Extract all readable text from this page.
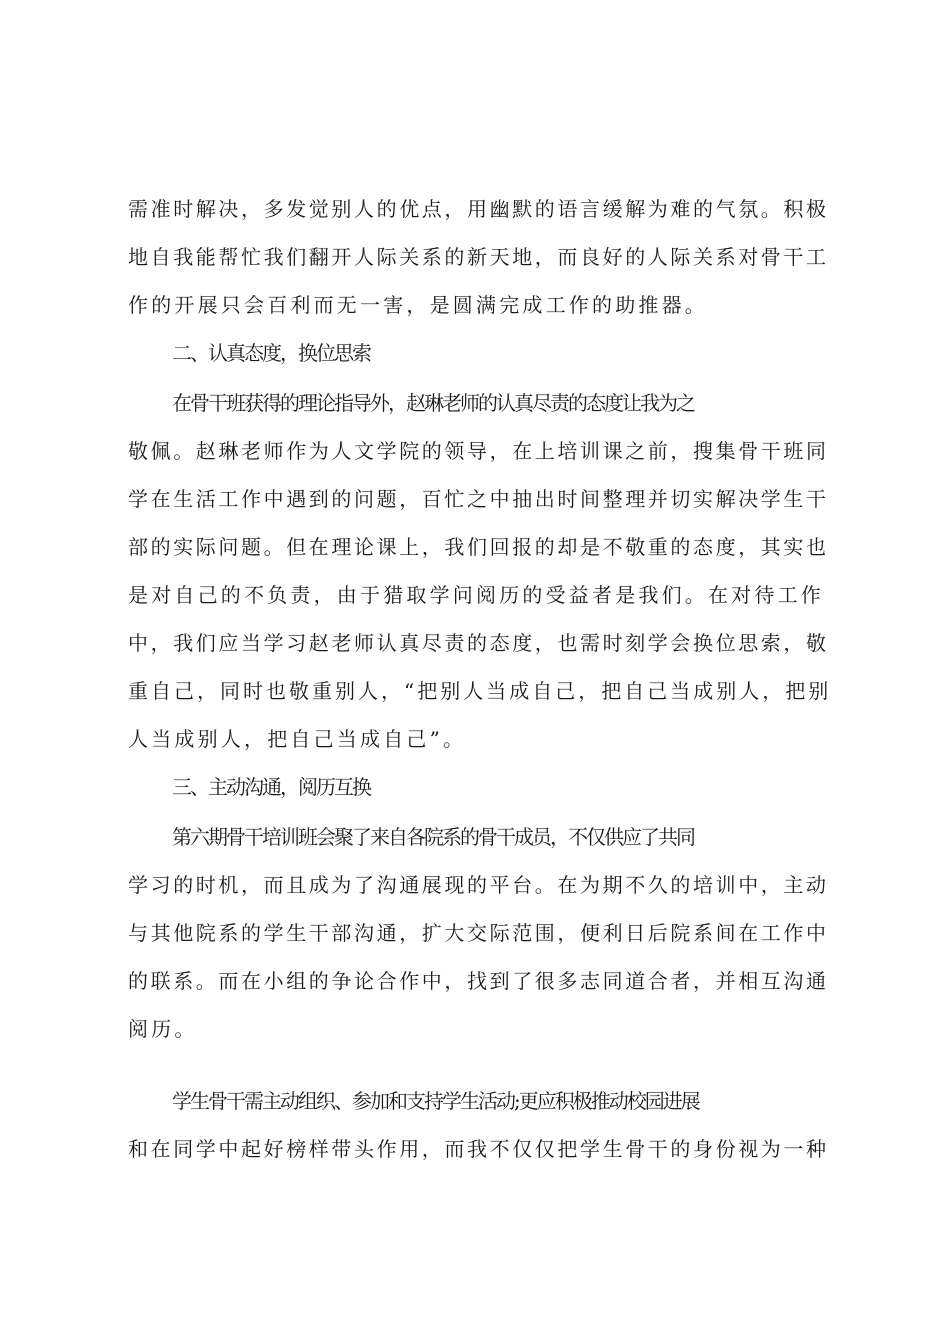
需准时解决，多发觉别人的优点，用幽默的语言缓解为难的气氛。积极

地自我能帮忙我们翻开人际关系的新天地，而良好的人际关系对骨干工

作的开展只会百利而无一害，是圆满完成工作的助推器。

二、认真态度，换位思索

在骨干班获得的理论指导外，赵琳老师的认真尽责的态度让我为之

敬佩。赵琳老师作为人文学院的领导，在上培训课之前，搜集骨干班同

学在生活工作中遇到的问题，百忙之中抽出时间整理并切实解决学生干

部的实际问题。但在理论课上，我们回报的却是不敬重的态度，其实也

是对自己的不负责，由于猎取学问阅历的受益者是我们。在对待工作

中，我们应当学习赵老师认真尽责的态度，也需时刻学会换位思索，敬

重自己，同时也敬重别人，“把别人当成自己，把自己当成别人，把别

人当成别人，把自己当成自己”。

三、主动沟通，阅历互换

第六期骨干培训班会聚了来自各院系的骨干成员，不仅供应了共同

学习的时机，而且成为了沟通展现的平台。在为期不久的培训中，主动

与其他院系的学生干部沟通，扩大交际范围，便利日后院系间在工作中

的联系。而在小组的争论合作中，找到了很多志同道合者，并相互沟通

阅历。

学生骨干需主动组织、参加和支持学生活动;更应积极推动校园进展

和在同学中起好榜样带头作用，而我不仅仅把学生骨干的身份视为一种
